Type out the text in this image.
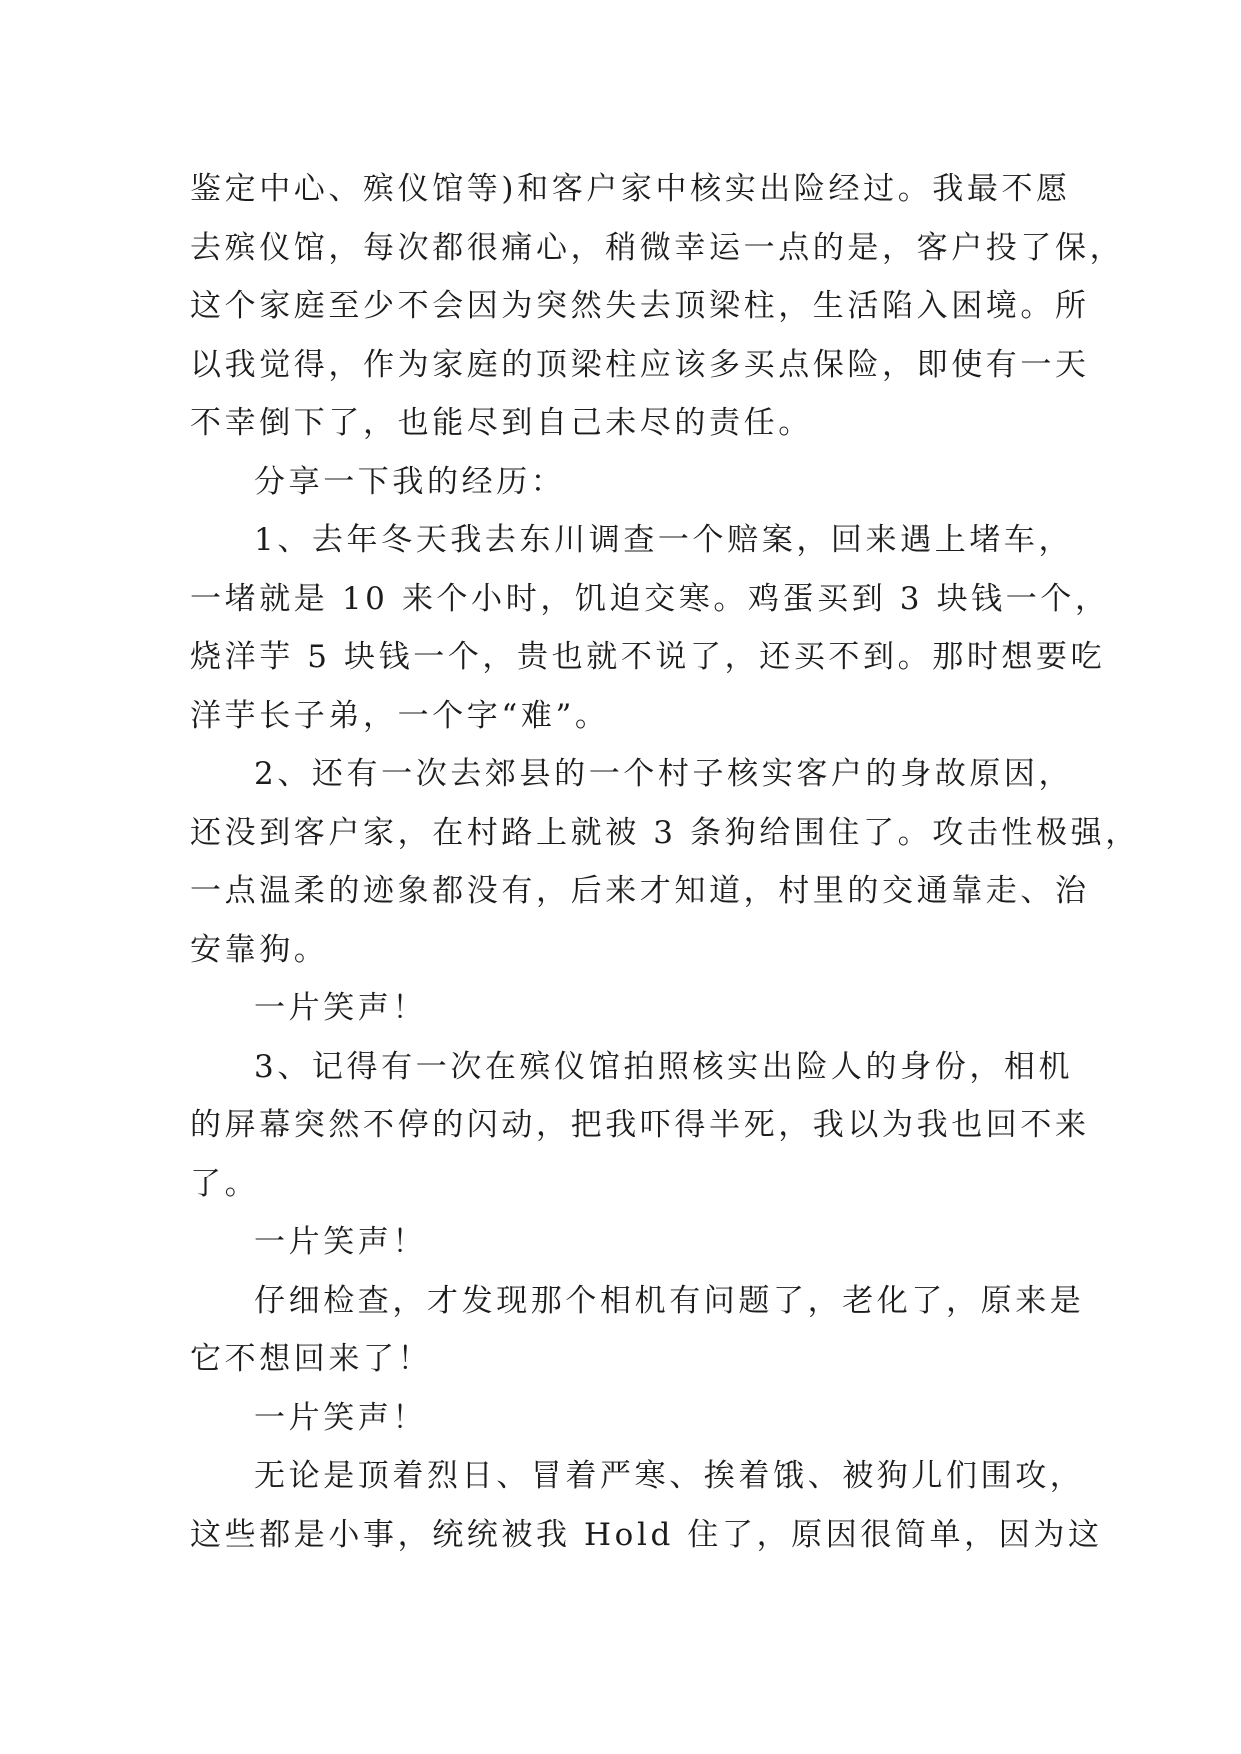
鉴定中心、殡仪馆等)和客户家中核实出险经过。我最不愿
去殡仪馆，每次都很痛心，稍微幸运一点的是，客户投了保，
这个家庭至少不会因为突然失去顶梁柱，生活陷入困境。所
以我觉得，作为家庭的顶梁柱应该多买点保险，即使有一天
不幸倒下了，也能尽到自己未尽的责任。
分享一下我的经历：
1、去年冬天我去东川调查一个赔案，回来遇上堵车，
一堵就是 10 来个小时，饥迫交寒。鸡蛋买到 3 块钱一个，
烧洋芋 5 块钱一个，贵也就不说了，还买不到。那时想要吃
洋芋长子弟，一个字“难”。
2、还有一次去郊县的一个村子核实客户的身故原因，
还没到客户家，在村路上就被 3 条狗给围住了。攻击性极强，
一点温柔的迹象都没有，后来才知道，村里的交通靠走、治
安靠狗。
一片笑声！
3、记得有一次在殡仪馆拍照核实出险人的身份，相机
的屏幕突然不停的闪动，把我吓得半死，我以为我也回不来
了。
一片笑声！
仔细检查，才发现那个相机有问题了，老化了，原来是
它不想回来了！
一片笑声！
无论是顶着烈日、冒着严寒、挨着饿、被狗儿们围攻，
这些都是小事，统统被我 Hold 住了，原因很简单，因为这
